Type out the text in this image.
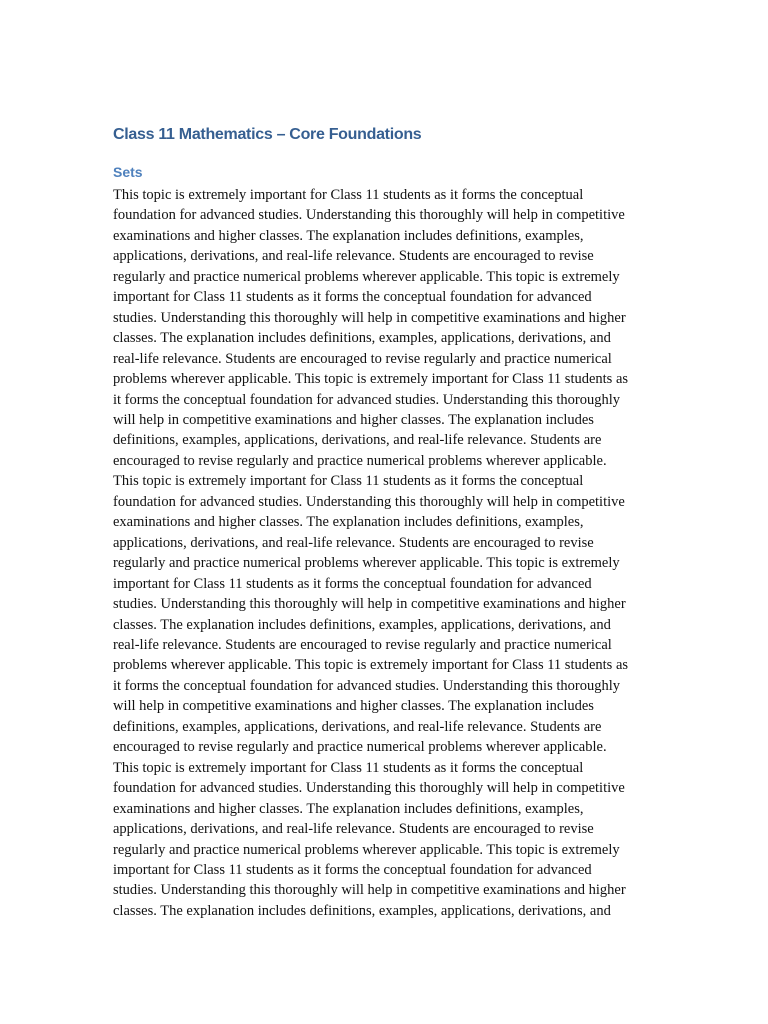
Class 11 Mathematics – Core Foundations
Sets

This topic is extremely important for Class 11 students as it forms the conceptual
foundation for advanced studies. Understanding this thoroughly will help in competitive
examinations and higher classes. The explanation includes definitions, examples,
applications, derivations, and real-life relevance. Students are encouraged to revise
regularly and practice numerical problems wherever applicable. This topic is extremely
important for Class 11 students as it forms the conceptual foundation for advanced
studies. Understanding this thoroughly will help in competitive examinations and higher
classes. The explanation includes definitions, examples, applications, derivations, and
real-life relevance. Students are encouraged to revise regularly and practice numerical
problems wherever applicable. This topic is extremely important for Class 11 students as
it forms the conceptual foundation for advanced studies. Understanding this thoroughly
will help in competitive examinations and higher classes. The explanation includes
definitions, examples, applications, derivations, and real-life relevance. Students are
encouraged to revise regularly and practice numerical problems wherever applicable.
This topic is extremely important for Class 11 students as it forms the conceptual
foundation for advanced studies. Understanding this thoroughly will help in competitive
examinations and higher classes. The explanation includes definitions, examples,
applications, derivations, and real-life relevance. Students are encouraged to revise
regularly and practice numerical problems wherever applicable. This topic is extremely
important for Class 11 students as it forms the conceptual foundation for advanced
studies. Understanding this thoroughly will help in competitive examinations and higher
classes. The explanation includes definitions, examples, applications, derivations, and
real-life relevance. Students are encouraged to revise regularly and practice numerical
problems wherever applicable. This topic is extremely important for Class 11 students as
it forms the conceptual foundation for advanced studies. Understanding this thoroughly
will help in competitive examinations and higher classes. The explanation includes
definitions, examples, applications, derivations, and real-life relevance. Students are
encouraged to revise regularly and practice numerical problems wherever applicable.
This topic is extremely important for Class 11 students as it forms the conceptual
foundation for advanced studies. Understanding this thoroughly will help in competitive
examinations and higher classes. The explanation includes definitions, examples,
applications, derivations, and real-life relevance. Students are encouraged to revise
regularly and practice numerical problems wherever applicable. This topic is extremely
important for Class 11 students as it forms the conceptual foundation for advanced
studies. Understanding this thoroughly will help in competitive examinations and higher
classes. The explanation includes definitions, examples, applications, derivations, and
